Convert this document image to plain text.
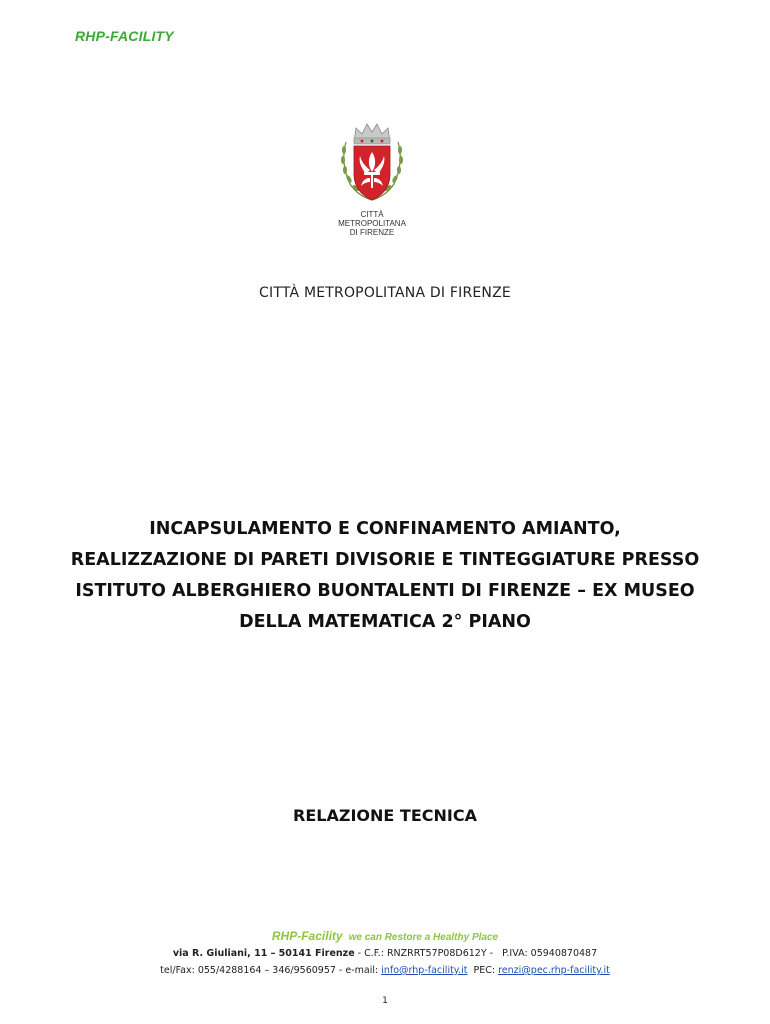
RHP-FACILITY
CITTÀ METROPOLITANA
DI FIRENZE
CITTÀ METROPOLITANA DI FIRENZE
INCAPSULAMENTO E CONFINAMENTO AMIANTO,
REALIZZAZIONE DI PARETI DIVISORIE E TINTEGGIATURE PRESSO
ISTITUTO ALBERGHIERO BUONTALENTI DI FIRENZE – EX MUSEO
DELLA MATEMATICA 2° PIANO
RELAZIONE TECNICA
RHP-Facility we can Restore a Healthy Place
via R. Giuliani, 11 – 50141 Firenze - C.F.: RNZRRT57P08D612Y -   P.IVA: 05940870487
tel/Fax: 055/4288164 – 346/9560957 - e-mail: info@rhp-facility.it  PEC: renzi@pec.rhp-facility.it
1
